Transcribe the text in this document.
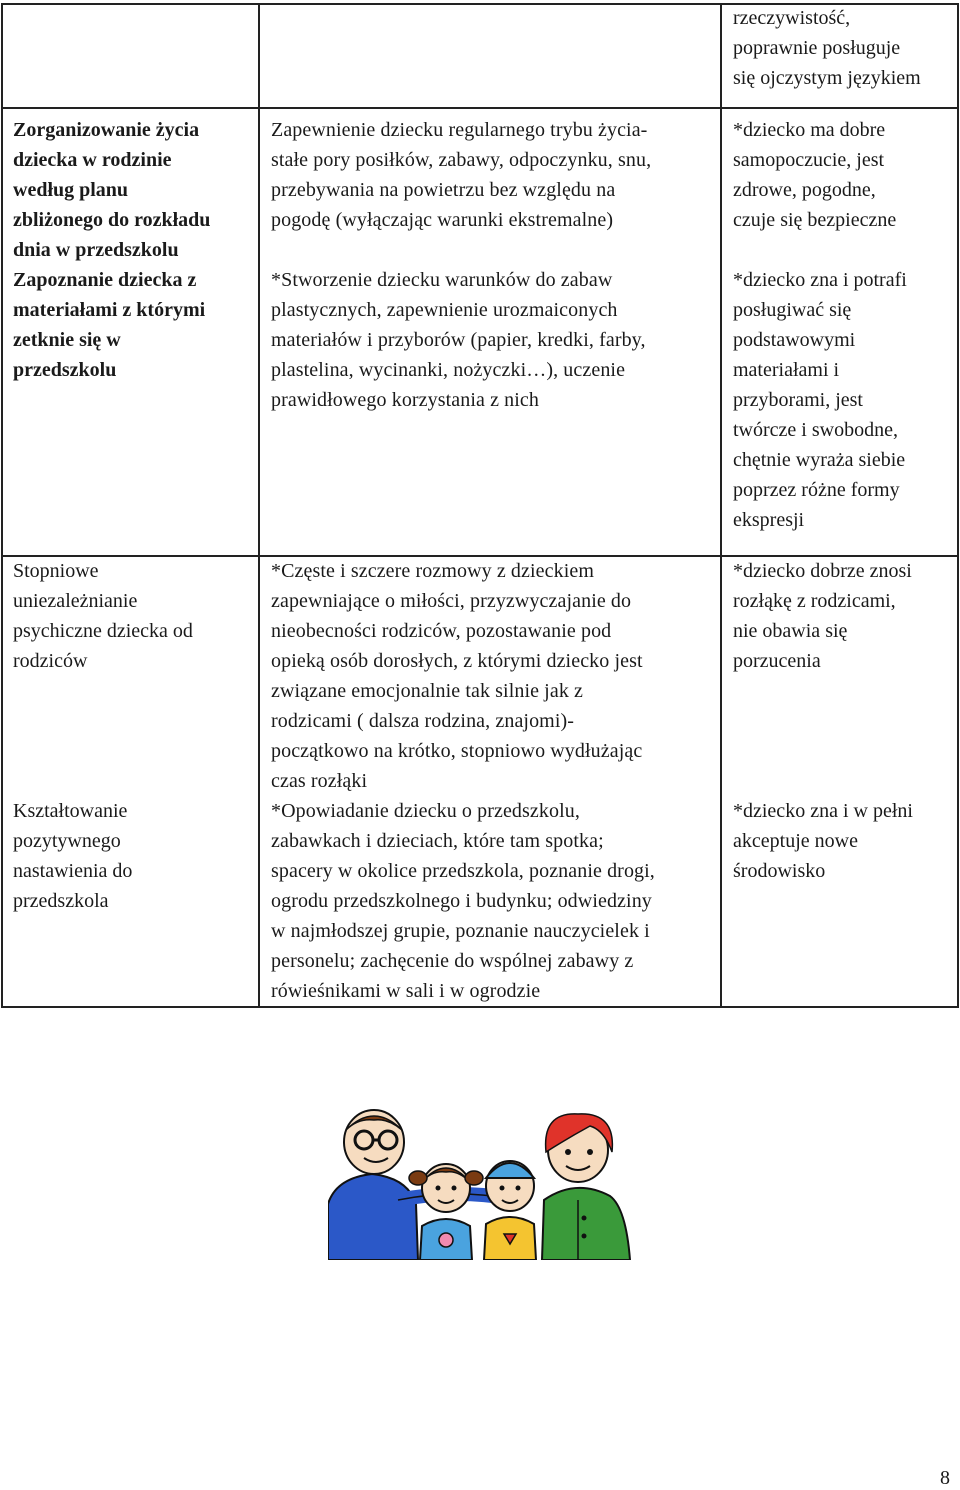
rzeczywistość,
poprawnie posługuje
się ojczystym językiem
Zorganizowanie życia
dziecka w rodzinie
według planu
zbliżonego do rozkładu
dnia w przedszkolu
Zapoznanie dziecka z
materiałami z którymi
zetknie się w
przedszkolu
Zapewnienie dziecku regularnego trybu życia-
stałe pory posiłków, zabawy, odpoczynku, snu,
przebywania na powietrzu bez względu na
pogodę (wyłączając warunki ekstremalne)
*Stworzenie dziecku warunków do zabaw
plastycznych, zapewnienie urozmaiconych
materiałów i przyborów (papier, kredki, farby,
plastelina, wycinanki, nożyczki…), uczenie
prawidłowego korzystania z nich
*dziecko ma dobre
samopoczucie, jest
zdrowe, pogodne,
czuje się bezpieczne
*dziecko zna i potrafi
posługiwać się
podstawowymi
materiałami i
przyborami, jest
twórcze i swobodne,
chętnie wyraża siebie
poprzez różne formy
ekspresji
Stopniowe
uniezależnianie
psychiczne dziecka od
rodziców
Kształtowanie
pozytywnego
nastawienia do
przedszkola
*Częste i szczere rozmowy z dzieckiem
zapewniające o miłości, przyzwyczajanie do
nieobecności rodziców, pozostawanie pod
opieką osób dorosłych, z którymi dziecko jest
związane emocjonalnie tak silnie jak z
rodzicami ( dalsza rodzina, znajomi)-
początkowo na krótko, stopniowo wydłużając
czas rozłąki
*Opowiadanie dziecku o przedszkolu,
zabawkach i dzieciach, które tam spotka;
spacery w okolice przedszkola, poznanie drogi,
ogrodu przedszkolnego i budynku; odwiedziny
w najmłodszej grupie, poznanie nauczycielek i
personelu; zachęcenie do wspólnej zabawy z
rówieśnikami w sali i w ogrodzie
*dziecko dobrze znosi
rozłąkę z rodzicami,
nie obawia się
porzucenia
*dziecko zna i w pełni
akceptuje nowe
środowisko
8
